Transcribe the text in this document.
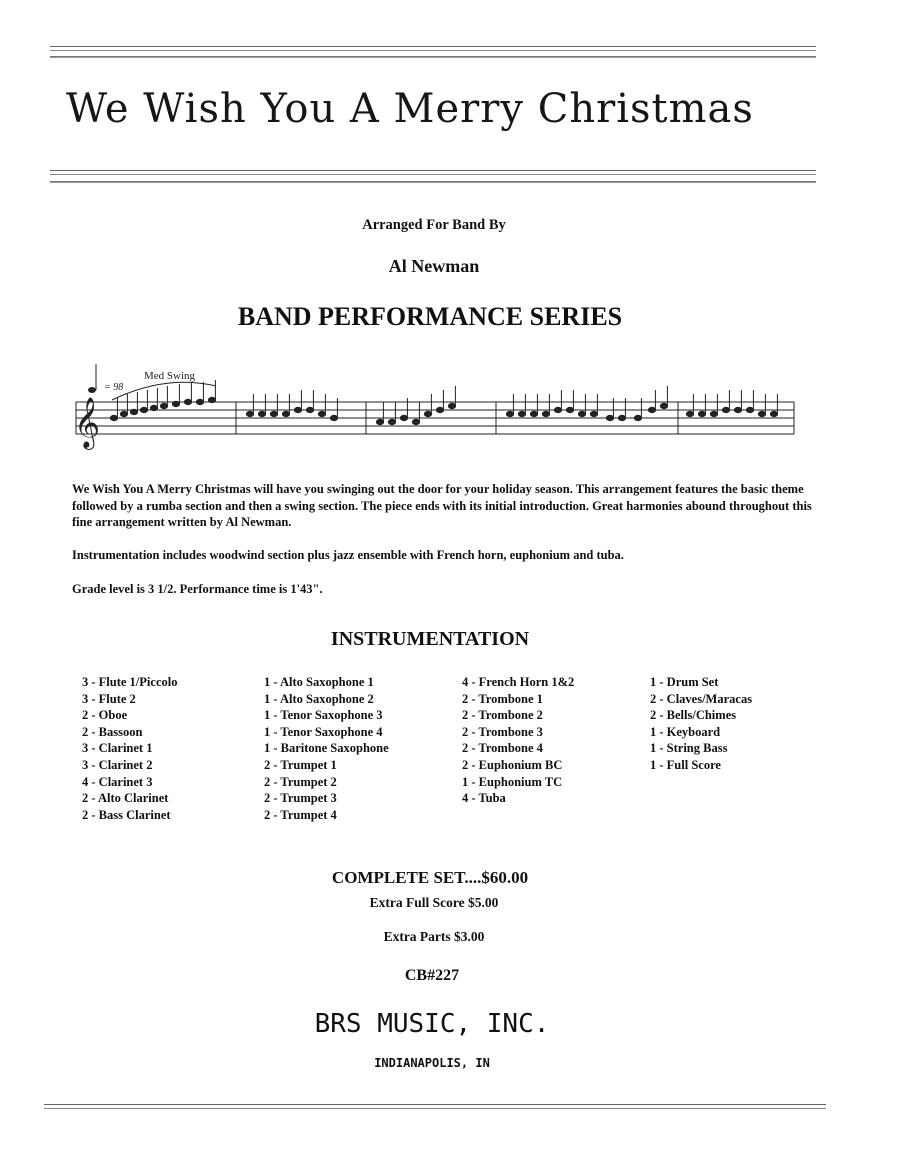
We Wish You A Merry Christmas
Arranged For Band By
Al Newman
BAND PERFORMANCE SERIES
𝄞
= 98
Med Swing
We Wish You A Merry Christmas will have you swinging out the door for your holiday season. This arrangement features the basic theme followed by a rumba section and then a swing section. The piece ends with its initial introduction. Great harmonies abound throughout this fine arrangement written by Al Newman.
Instrumentation includes woodwind section plus jazz ensemble with French horn, euphonium and tuba.
Grade level is 3 1/2. Performance time is 1'43".
INSTRUMENTATION
3 - Flute 1/Piccolo
3 - Flute 2
2 - Oboe
2 - Bassoon
3 - Clarinet 1
3 - Clarinet 2
4 - Clarinet 3
2 - Alto Clarinet
2 - Bass Clarinet
1 - Alto Saxophone 1
1 - Alto Saxophone 2
1 - Tenor Saxophone 3
1 - Tenor Saxophone 4
1 - Baritone Saxophone
2 - Trumpet 1
2 - Trumpet 2
2 - Trumpet 3
2 - Trumpet 4
4 - French Horn 1&2
2 - Trombone 1
2 - Trombone 2
2 - Trombone 3
2 - Trombone 4
2 - Euphonium BC
1 - Euphonium TC
4 - Tuba
1 - Drum Set
2 - Claves/Maracas
2 - Bells/Chimes
1 - Keyboard
1 - String Bass
1 - Full Score
COMPLETE SET....$60.00
Extra Full Score $5.00
Extra Parts $3.00
CB#227
BRS MUSIC, INC.
INDIANAPOLIS, IN
